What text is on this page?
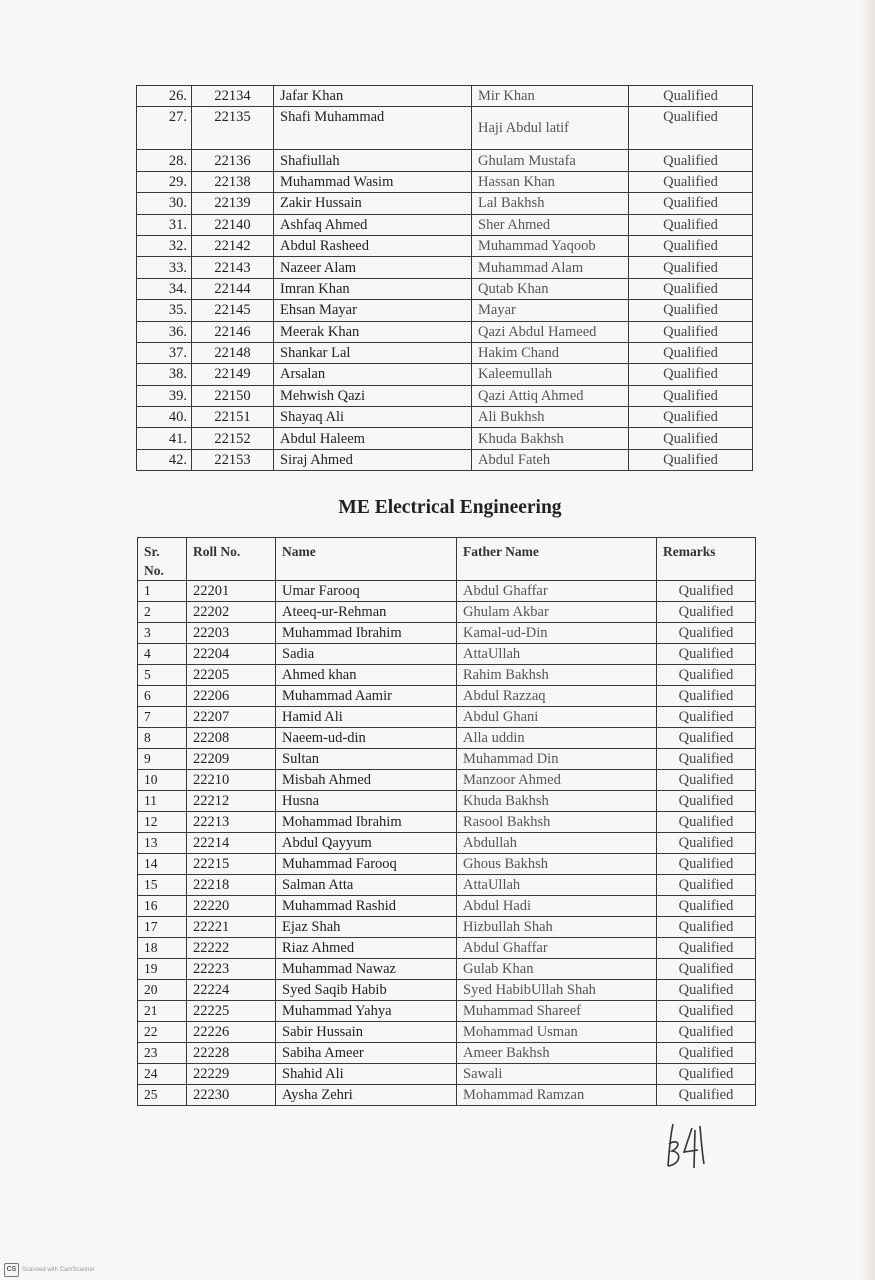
26.	22134	Jafar Khan	Mir Khan	Qualified
27.	22135	Shafi Muhammad	Haji Abdul latif	Qualified
28.	22136	Shafiullah	Ghulam Mustafa	Qualified
29.	22138	Muhammad Wasim	Hassan Khan	Qualified
30.	22139	Zakir Hussain	Lal Bakhsh	Qualified
31.	22140	Ashfaq Ahmed	Sher Ahmed	Qualified
32.	22142	Abdul Rasheed	Muhammad Yaqoob	Qualified
33.	22143	Nazeer Alam	Muhammad Alam	Qualified
34.	22144	Imran Khan	Qutab Khan	Qualified
35.	22145	Ehsan Mayar	Mayar	Qualified
36.	22146	Meerak Khan	Qazi Abdul Hameed	Qualified
37.	22148	Shankar Lal	Hakim Chand	Qualified
38.	22149	Arsalan	Kaleemullah	Qualified
39.	22150	Mehwish Qazi	Qazi Attiq Ahmed	Qualified
40.	22151	Shayaq Ali	Ali Bukhsh	Qualified
41.	22152	Abdul Haleem	Khuda Bakhsh	Qualified
42.	22153	Siraj Ahmed	Abdul Fateh	Qualified
ME Electrical Engineering
Sr. No.	Roll No.	Name	Father Name	Remarks
1	22201	Umar Farooq	Abdul Ghaffar	Qualified
2	22202	Ateeq-ur-Rehman	Ghulam Akbar	Qualified
3	22203	Muhammad Ibrahim	Kamal-ud-Din	Qualified
4	22204	Sadia	AttaUllah	Qualified
5	22205	Ahmed khan	Rahim Bakhsh	Qualified
6	22206	Muhammad Aamir	Abdul Razzaq	Qualified
7	22207	Hamid Ali	Abdul Ghani	Qualified
8	22208	Naeem-ud-din	Alla uddin	Qualified
9	22209	Sultan	Muhammad Din	Qualified
10	22210	Misbah Ahmed	Manzoor Ahmed	Qualified
11	22212	Husna	Khuda Bakhsh	Qualified
12	22213	Mohammad Ibrahim	Rasool Bakhsh	Qualified
13	22214	Abdul Qayyum	Abdullah	Qualified
14	22215	Muhammad Farooq	Ghous Bakhsh	Qualified
15	22218	Salman Atta	AttaUllah	Qualified
16	22220	Muhammad Rashid	Abdul Hadi	Qualified
17	22221	Ejaz Shah	Hizbullah Shah	Qualified
18	22222	Riaz Ahmed	Abdul Ghaffar	Qualified
19	22223	Muhammad Nawaz	Gulab Khan	Qualified
20	22224	Syed Saqib Habib	Syed HabibUllah Shah	Qualified
21	22225	Muhammad Yahya	Muhammad Shareef	Qualified
22	22226	Sabir Hussain	Mohammad Usman	Qualified
23	22228	Sabiha Ameer	Ameer Bakhsh	Qualified
24	22229	Shahid Ali	Sawali	Qualified
25	22230	Aysha Zehri	Mohammad Ramzan	Qualified
CS Scanned with CamScanner
